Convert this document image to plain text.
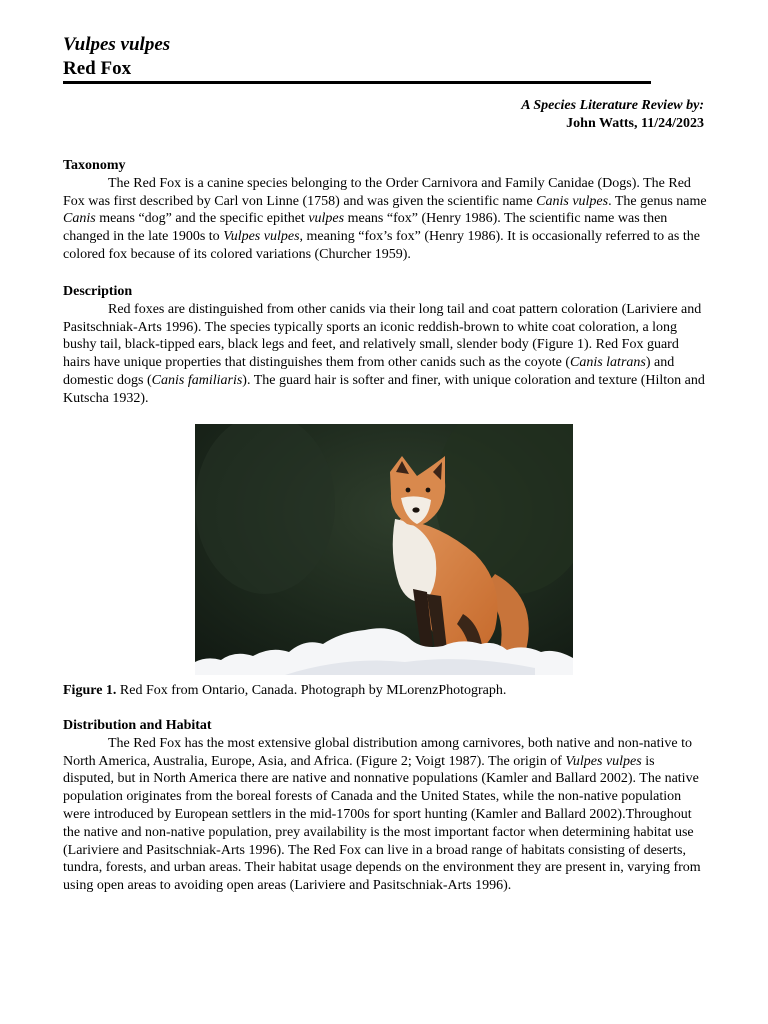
Vulpes vulpes
Red Fox
A Species Literature Review by:
John Watts, 11/24/2023
Taxonomy

The Red Fox is a canine species belonging to the Order Carnivora and Family Canidae (Dogs). The Red Fox was first described by Carl von Linne (1758) and was given the scientific name Canis vulpes. The genus name Canis means “dog” and the specific epithet vulpes means “fox” (Henry 1986). The scientific name was then changed in the late 1900s to Vulpes vulpes, meaning “fox’s fox” (Henry 1986). It is occasionally referred to as the colored fox because of its colored variations (Churcher 1959).

Description

Red foxes are distinguished from other canids via their long tail and coat pattern coloration (Lariviere and Pasitschniak-Arts 1996). The species typically sports an iconic reddish-brown to white coat coloration, a long bushy tail, black-tipped ears, black legs and feet, and relatively small, slender body (Figure 1). Red Fox guard hairs have unique properties that distinguishes them from other canids such as the coyote (Canis latrans) and domestic dogs (Canis familiaris). The guard hair is softer and finer, with unique coloration and texture (Hilton and Kutscha 1932).

Figure 1. Red Fox from Ontario, Canada. Photograph by MLorenzPhotograph.
Distribution and Habitat

The Red Fox has the most extensive global distribution among carnivores, both native and non-native to North America, Australia, Europe, Asia, and Africa. (Figure 2; Voigt 1987). The origin of Vulpes vulpes is disputed, but in North America there are native and nonnative populations (Kamler and Ballard 2002). The native population originates from the boreal forests of Canada and the United States, while the non-native population were introduced by European settlers in the mid-1700s for sport hunting (Kamler and Ballard 2002).Throughout the native and non-native population, prey availability is the most important factor when determining habitat use (Lariviere and Pasitschniak-Arts 1996). The Red Fox can live in a broad range of habitats consisting of deserts, tundra, forests, and urban areas. Their habitat usage depends on the environment they are present in, varying from using open areas to avoiding open areas (Lariviere and Pasitschniak-Arts 1996).
